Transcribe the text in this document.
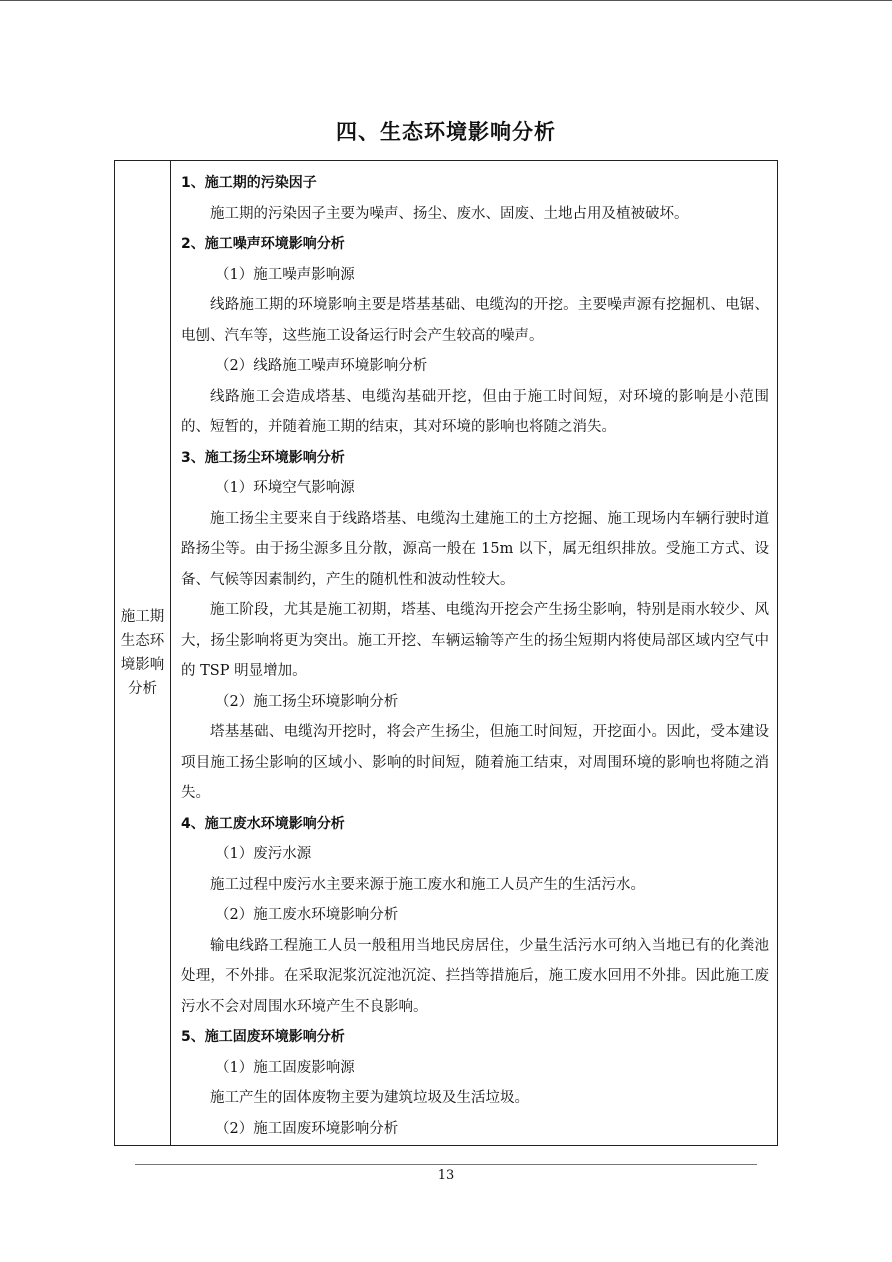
四、生态环境影响分析
施工期生态环境影响分析
1、施工期的污染因子

施工期的污染因子主要为噪声、扬尘、废水、固废、土地占用及植被破坏。

2、施工噪声环境影响分析
（1）施工噪声影响源

线路施工期的环境影响主要是塔基基础、电缆沟的开挖。主要噪声源有挖掘机、电锯、电刨、汽车等，这些施工设备运行时会产生较高的噪声。

（2）线路施工噪声环境影响分析

线路施工会造成塔基、电缆沟基础开挖，但由于施工时间短，对环境的影响是小范围的、短暂的，并随着施工期的结束，其对环境的影响也将随之消失。

3、施工扬尘环境影响分析
（1）环境空气影响源

施工扬尘主要来自于线路塔基、电缆沟土建施工的土方挖掘、施工现场内车辆行驶时道路扬尘等。由于扬尘源多且分散，源高一般在 15m 以下，属无组织排放。受施工方式、设备、气候等因素制约，产生的随机性和波动性较大。

施工阶段，尤其是施工初期，塔基、电缆沟开挖会产生扬尘影响，特别是雨水较少、风大，扬尘影响将更为突出。施工开挖、车辆运输等产生的扬尘短期内将使局部区域内空气中的 TSP 明显增加。

（2）施工扬尘环境影响分析

塔基基础、电缆沟开挖时，将会产生扬尘，但施工时间短，开挖面小。因此，受本建设项目施工扬尘影响的区域小、影响的时间短，随着施工结束，对周围环境的影响也将随之消失。

4、施工废水环境影响分析
（1）废污水源

施工过程中废污水主要来源于施工废水和施工人员产生的生活污水。

（2）施工废水环境影响分析

输电线路工程施工人员一般租用当地民房居住，少量生活污水可纳入当地已有的化粪池处理，不外排。在采取泥浆沉淀池沉淀、拦挡等措施后，施工废水回用不外排。因此施工废污水不会对周围水环境产生不良影响。

5、施工固废环境影响分析
（1）施工固废影响源

施工产生的固体废物主要为建筑垃圾及生活垃圾。

（2）施工固废环境影响分析
13
